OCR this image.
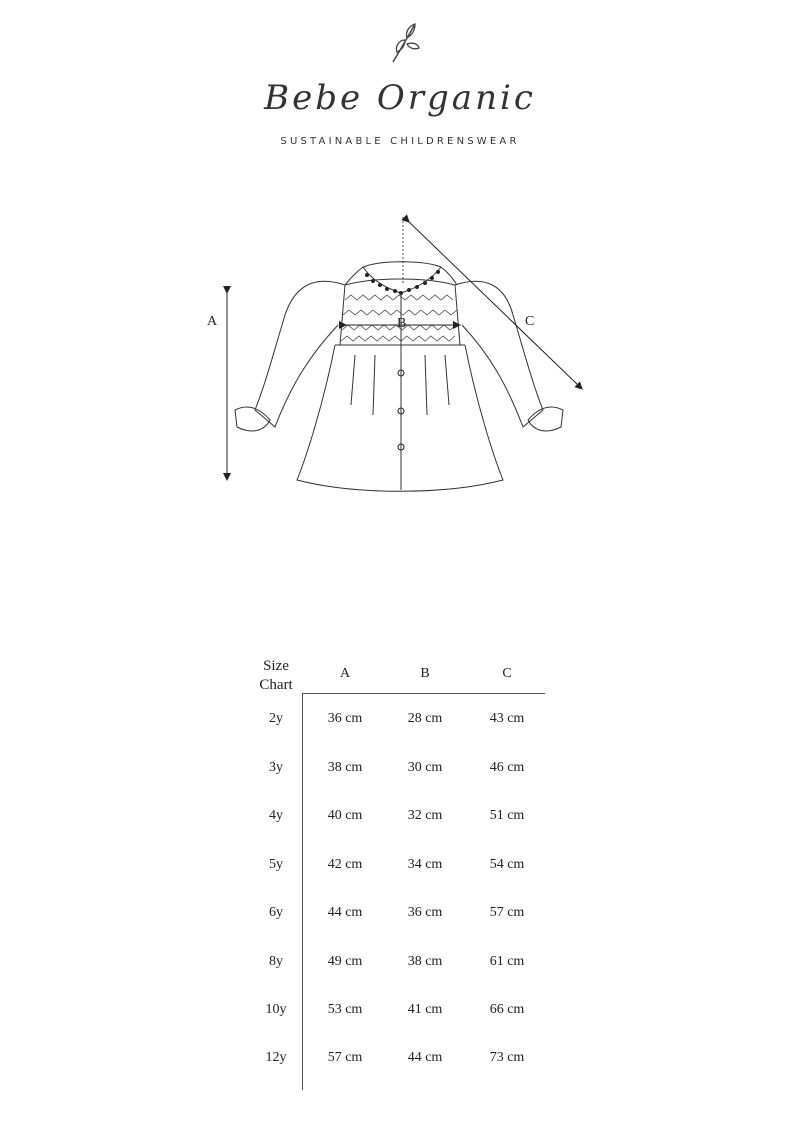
Bebe Organic
SUSTAINABLE CHILDRENSWEAR
A	B	C
Size
Chart
A	B	C
2y	36 cm	28 cm	43 cm
3y	38 cm	30 cm	46 cm
4y	40 cm	32 cm	51 cm
5y	42 cm	34 cm	54 cm
6y	44 cm	36 cm	57 cm
8y	49 cm	38 cm	61 cm
10y	53 cm	41 cm	66 cm
12y	57 cm	44 cm	73 cm
